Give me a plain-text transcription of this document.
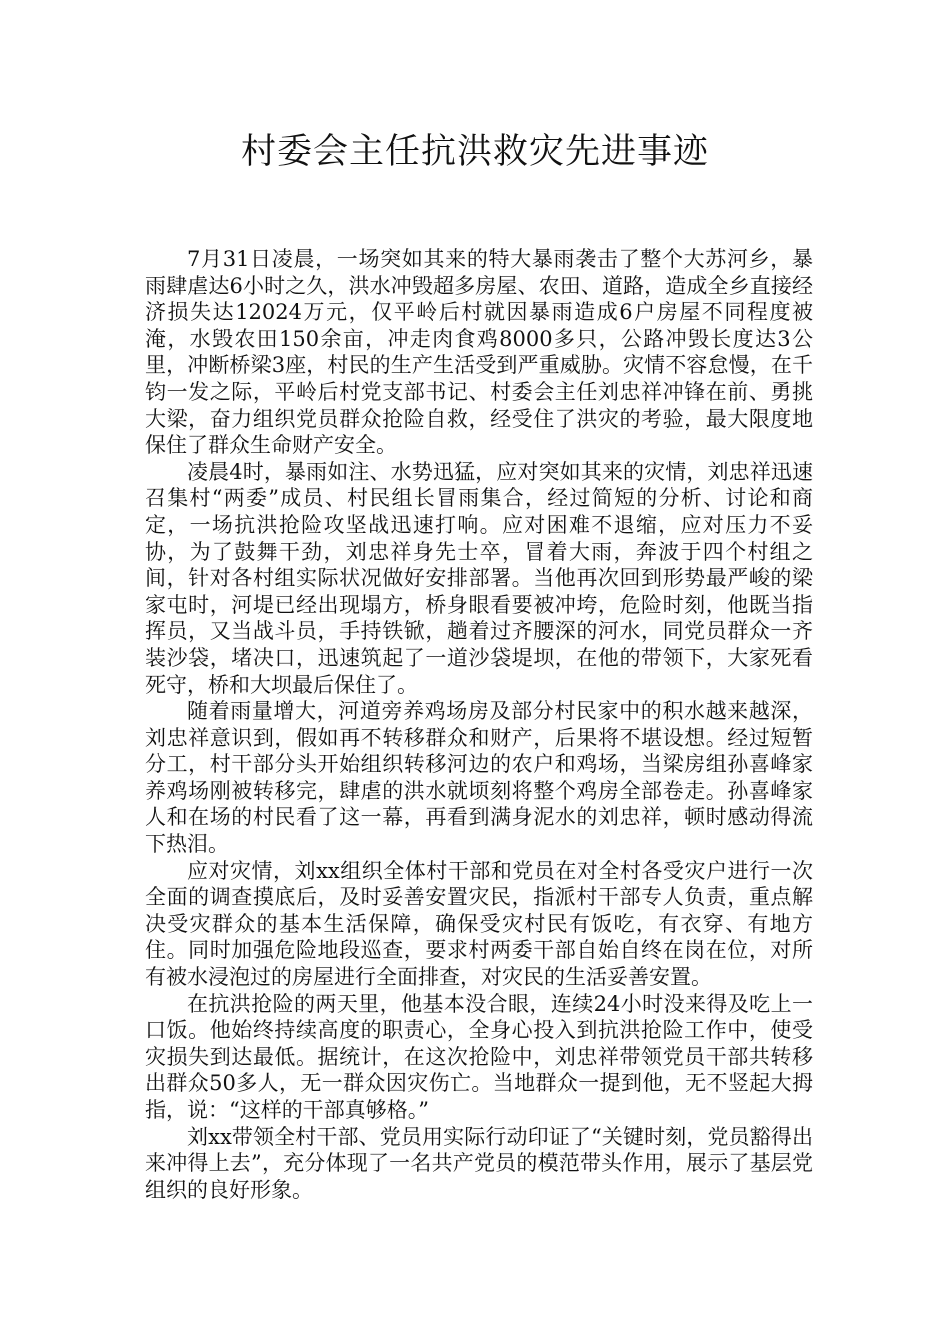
村委会主任抗洪救灾先进事迹

7月31日凌晨，一场突如其来的特大暴雨袭击了整个大苏河乡，暴雨肆虐达6小时之久，洪水冲毁超多房屋、农田、道路，造成全乡直接经济损失达12024万元，仅平岭后村就因暴雨造成6户房屋不同程度被淹，水毁农田150余亩，冲走肉食鸡8000多只，公路冲毁长度达3公里，冲断桥梁3座，村民的生产生活受到严重威胁。灾情不容怠慢，在千钧一发之际，平岭后村党支部书记、村委会主任刘忠祥冲锋在前、勇挑大梁，奋力组织党员群众抢险自救，经受住了洪灾的考验，最大限度地保住了群众生命财产安全。

凌晨4时，暴雨如注、水势迅猛，应对突如其来的灾情，刘忠祥迅速召集村“两委”成员、村民组长冒雨集合，经过简短的分析、讨论和商定，一场抗洪抢险攻坚战迅速打响。应对困难不退缩，应对压力不妥协，为了鼓舞干劲，刘忠祥身先士卒，冒着大雨，奔波于四个村组之间，针对各村组实际状况做好安排部署。当他再次回到形势最严峻的梁家屯时，河堤已经出现塌方，桥身眼看要被冲垮，危险时刻，他既当指挥员，又当战斗员，手持铁锨，趟着过齐腰深的河水，同党员群众一齐装沙袋，堵决口，迅速筑起了一道沙袋堤坝，在他的带领下，大家死看死守，桥和大坝最后保住了。

随着雨量增大，河道旁养鸡场房及部分村民家中的积水越来越深，刘忠祥意识到，假如再不转移群众和财产，后果将不堪设想。经过短暂分工，村干部分头开始组织转移河边的农户和鸡场，当梁房组孙喜峰家养鸡场刚被转移完，肆虐的洪水就顷刻将整个鸡房全部卷走。孙喜峰家人和在场的村民看了这一幕，再看到满身泥水的刘忠祥，顿时感动得流下热泪。

应对灾情，刘xx组织全体村干部和党员在对全村各受灾户进行一次全面的调查摸底后，及时妥善安置灾民，指派村干部专人负责，重点解决受灾群众的基本生活保障，确保受灾村民有饭吃，有衣穿、有地方住。同时加强危险地段巡查，要求村两委干部自始自终在岗在位，对所有被水浸泡过的房屋进行全面排查，对灾民的生活妥善安置。

在抗洪抢险的两天里，他基本没合眼，连续24小时没来得及吃上一口饭。他始终持续高度的职责心，全身心投入到抗洪抢险工作中，使受灾损失到达最低。据统计，在这次抢险中，刘忠祥带领党员干部共转移出群众50多人，无一群众因灾伤亡。当地群众一提到他，无不竖起大拇指，说：“这样的干部真够格。”

刘xx带领全村干部、党员用实际行动印证了“关键时刻，党员豁得出来冲得上去”，充分体现了一名共产党员的模范带头作用，展示了基层党组织的良好形象。
